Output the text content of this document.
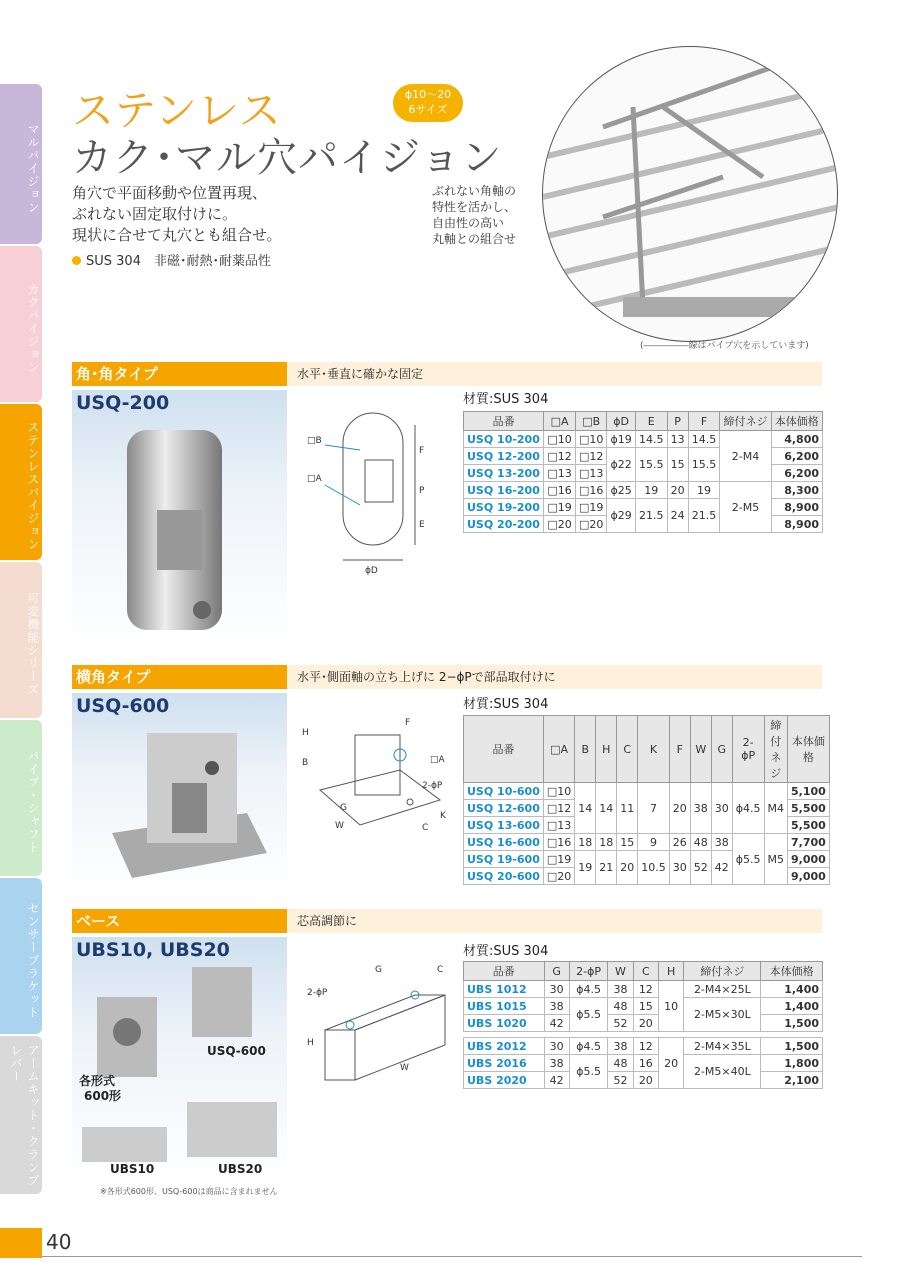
マルパイジョン
カクパイジョン
ステンレスパイジョン
可変機能シリーズ
パイプ・シャフト
センサーブラケット
アームキット・クランプレバー
ステンレス
カク･マル穴パイジョン
ϕ10～20
6サイズ
角穴で平面移動や位置再現、
ぶれない固定取付けに。
現状に合せて丸穴とも組合せ。
SUS 304　非磁･耐熱･耐薬品性
ぶれない角軸の
特性を活かし、
自由性の高い
丸軸との組合せ
(―――――線はパイプ穴を示しています)
角･角タイプ	水平･垂直に確かな固定
USQ-200
□B
□A
F
P
E
ϕD
材質:SUS 304
品番	□A	□B	ϕD	E	P	F	締付ネジ	本体価格
USQ 10-200	□10	□10	ϕ19	14.5	13	14.5	2-M4	4,800
USQ 12-200	□12	□12	ϕ22	15.5	15	15.5		6,200
USQ 13-200	□13	□13						6,200
USQ 16-200	□16	□16	ϕ25	19	20	19	2-M5	8,300
USQ 19-200	□19	□19	ϕ29	21.5	24	21.5		8,900
USQ 20-200	□20	□20						8,900
横角タイプ	水平･側面軸の立ち上げに 2−ϕPで部品取付けに
USQ-600
H
B
F
□A
2-ϕP
G
W	C
K
材質:SUS 304
品番	□A	B	H	C	K	F	W	G	2-ϕP	締付ネジ	本体価格
USQ 10-600	□10	14	14	11	7	20	38	30	ϕ4.5	M4	5,100
USQ 12-600	□12										5,500
USQ 13-600	□13										5,500
USQ 16-600	□16	18	18	15	9	26	48	38	ϕ5.5	M5	7,700
USQ 19-600	□19	19	21	20	10.5	30	52	42			9,000
USQ 20-600	□20										9,000
ベース	芯高調節に
UBS10, UBS20
USQ-600
各形式
600形
UBS10	UBS20
G	C
2-ϕP
H
W
材質:SUS 304
品番	G	2-ϕP	W	C	H	締付ネジ	本体価格
UBS 1012	30	ϕ4.5	38	12	10	2-M4×25L	1,400
UBS 1015	38	ϕ5.5	48	15		2-M5×30L	1,400
UBS 1020	42		52	20			1,500

UBS 2012	30	ϕ4.5	38	12	20	2-M4×35L	1,500
UBS 2016	38	ϕ5.5	48	16		2-M5×40L	1,800
UBS 2020	42		52	20			2,100
※各形式600形、USQ-600は商品に含まれません
40
